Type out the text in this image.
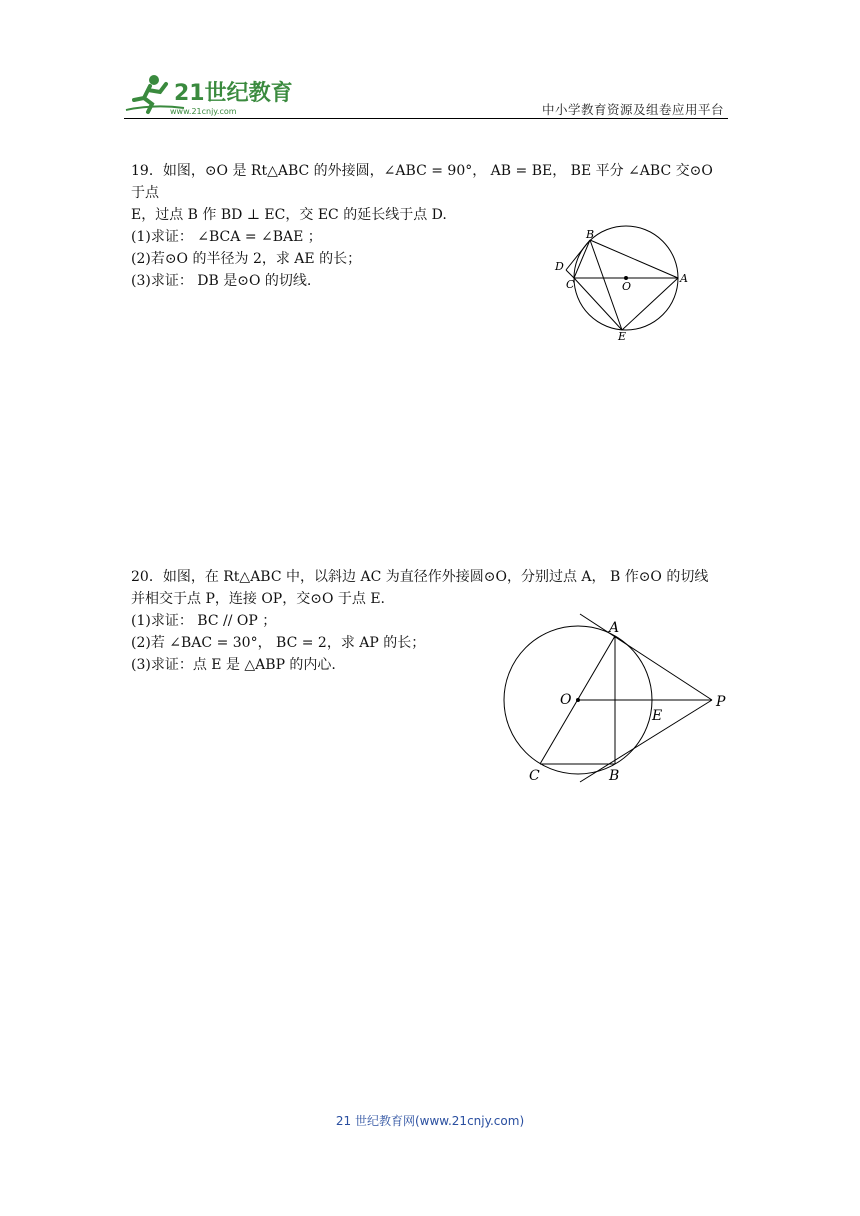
21世纪教育
www.21cnjy.com	中小学教育资源及组卷应用平台

19．如图，⊙O 是 Rt△ABC 的外接圆，∠ABC = 90°， AB = BE， BE 平分 ∠ABC 交⊙O 于点

E，过点 B 作 BD ⊥ EC，交 EC 的延长线于点 D.

(1)求证： ∠BCA = ∠BAE ；

(2)若⊙O 的半径为 2，求 AE 的长；

(3)求证： DB 是⊙O 的切线.

B
D
C	O
A
E

20．如图，在 Rt△ABC 中，以斜边 AC 为直径作外接圆⊙O，分别过点 A， B 作⊙O 的切线

并相交于点 P，连接 OP，交⊙O 于点 E.

(1)求证： BC // OP ；

(2)若 ∠BAC = 30°， BC = 2，求 AP 的长；

(3)求证：点 E 是 △ABP 的内心.

A
O
E
P
C	B
21 世纪教育网(www.21cnjy.com)
